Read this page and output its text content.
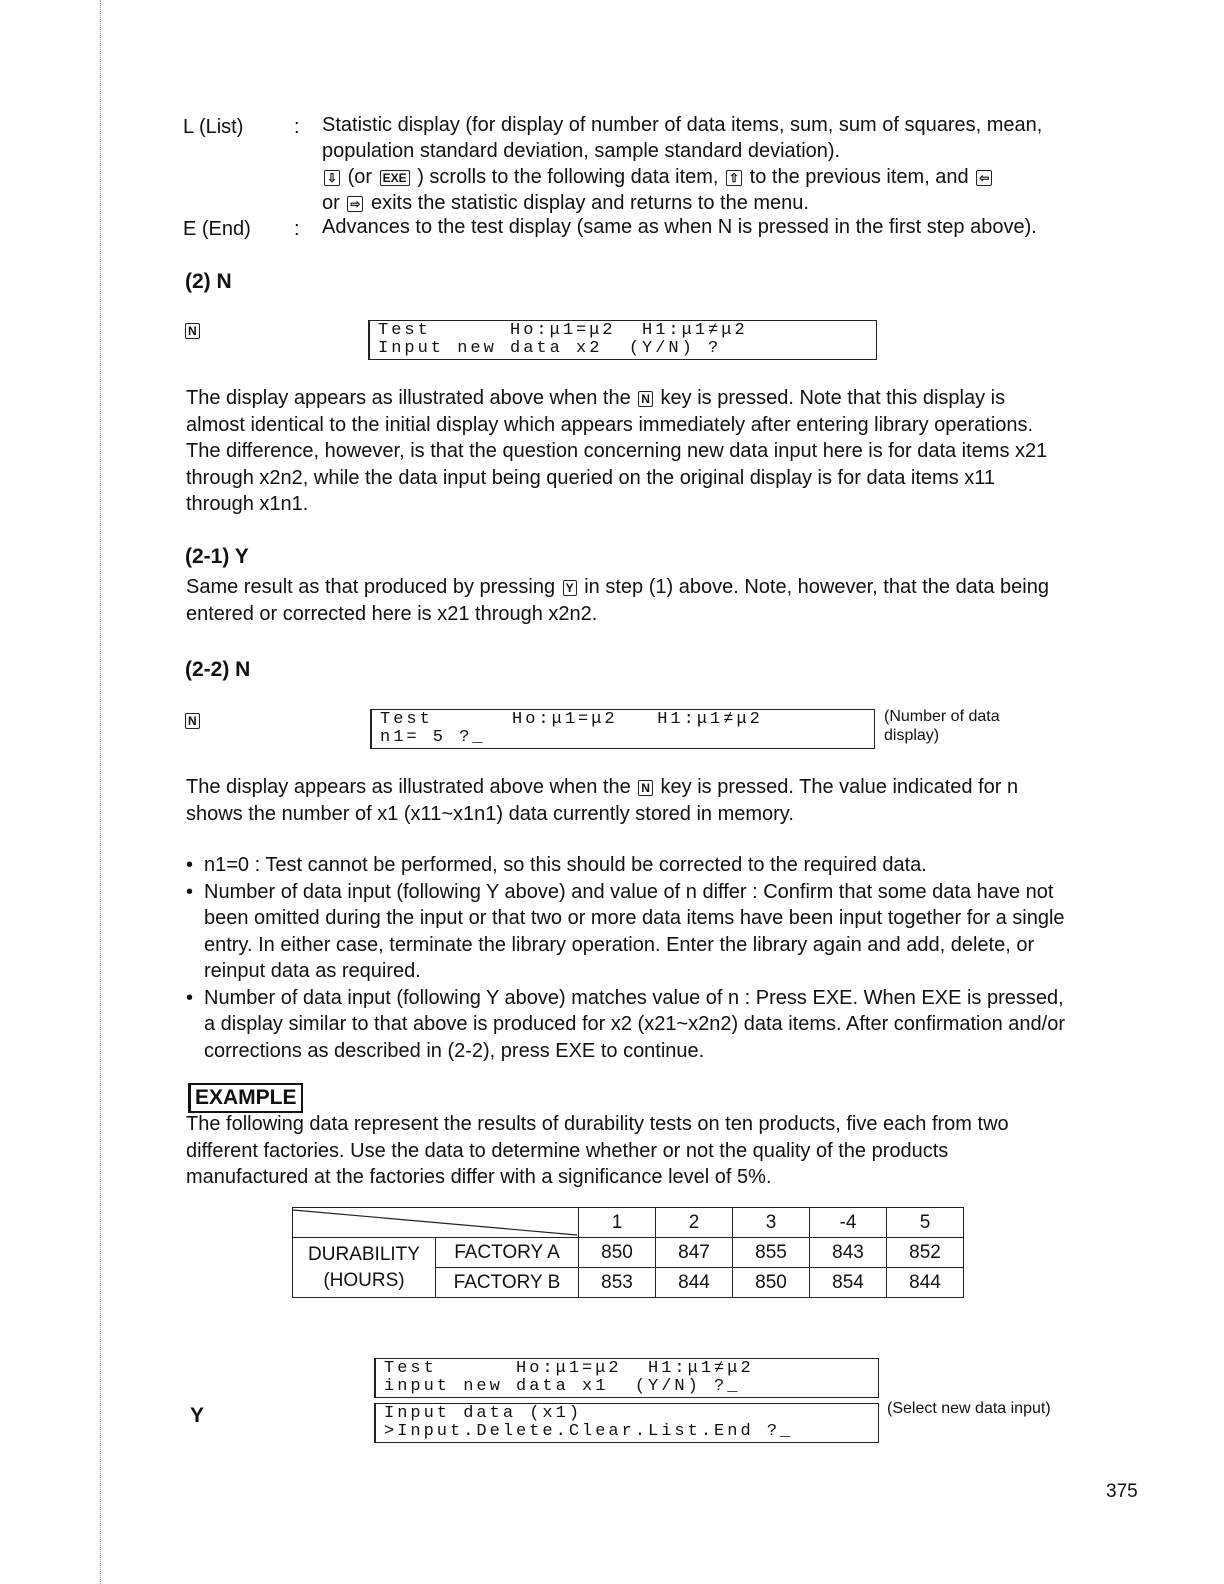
L (List)	: Statistic display (for display of number of data items, sum, sum of squares, mean, population standard deviation, sample standard deviation).
⇩ (or EXE ) scrolls to the following data item, ⇧ to the previous item, and ⇦
or ⇨ exits the statistic display and returns to the menu.
E (End)	: Advances to the test display (same as when N is pressed in the first step above).
(2) N
N	Test      Ho:μ1=μ2  H1:μ1≠μ2
Input new data x2  (Y/N) ?
The display appears as illustrated above when the N key is pressed. Note that this display is almost identical to the initial display which appears immediately after entering library operations. The difference, however, is that the question concerning new data input here is for data items x21 through x2n2, while the data input being queried on the original display is for data items x11 through x1n1.
(2-1) Y
Same result as that produced by pressing Y in step (1) above. Note, however, that the data being entered or corrected here is x21 through x2n2.
(2-2) N
N	Test      Ho:μ1=μ2   H1:μ1≠μ2
n1= 5 ?_
(Number of data display)
The display appears as illustrated above when the N key is pressed. The value indicated for n shows the number of x1 (x11~x1n1) data currently stored in memory.
• n1=0 : Test cannot be performed, so this should be corrected to the required data.
• Number of data input (following Y above) and value of n differ : Confirm that some data have not been omitted during the input or that two or more data items have been input together for a single entry. In either case, terminate the library operation. Enter the library again and add, delete, or reinput data as required.
• Number of data input (following Y above) matches value of n : Press EXE. When EXE is pressed, a display similar to that above is produced for x2 (x21~x2n2) data items. After confirmation and/or corrections as described in (2-2), press EXE to continue.
EXAMPLE
The following data represent the results of durability tests on ten products, five each from two different factories. Use the data to determine whether or not the quality of the products manufactured at the factories differ with a significance level of 5%.
	1	2	3	-4	5
DURABILITY
(HOURS)	FACTORY A	850	847	855	843	852
	FACTORY B	853	844	850	854	844
Test      Ho:μ1=μ2  H1:μ1≠μ2
input new data x1  (Y/N) ?_
Y	Input data (x1)
>Input.Delete.Clear.List.End ?_
(Select new data input)
375
